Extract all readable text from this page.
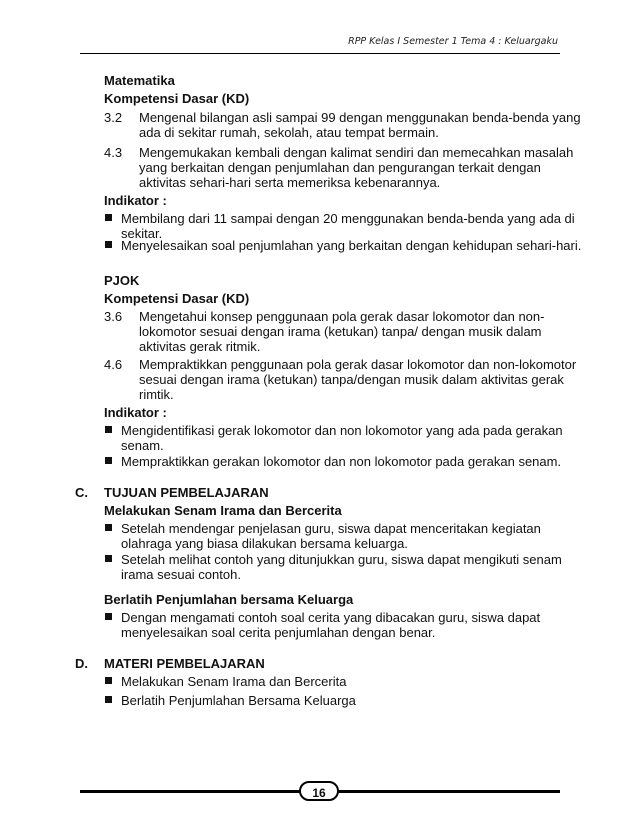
RPP Kelas I Semester 1 Tema 4 : Keluargaku
Matematika
Kompetensi Dasar (KD)
3.2 Mengenal bilangan asli sampai 99 dengan menggunakan benda-benda yang
ada di sekitar rumah, sekolah, atau tempat bermain.
4.3 Mengemukakan kembali dengan kalimat sendiri dan memecahkan masalah
yang berkaitan dengan penjumlahan dan pengurangan terkait dengan
aktivitas sehari-hari serta memeriksa kebenarannya.
Indikator :
Membilang dari 11 sampai dengan 20 menggunakan benda-benda yang ada di
sekitar.
Menyelesaikan soal penjumlahan yang berkaitan dengan kehidupan sehari-hari.
PJOK
Kompetensi Dasar (KD)
3.6 Mengetahui konsep penggunaan pola gerak dasar lokomotor dan non-
lokomotor sesuai dengan irama (ketukan) tanpa/ dengan musik dalam
aktivitas gerak ritmik.
4.6 Mempraktikkan penggunaan pola gerak dasar lokomotor dan non-lokomotor
sesuai dengan irama (ketukan) tanpa/dengan musik dalam aktivitas gerak
rimtik.
Indikator :
Mengidentifikasi gerak lokomotor dan non lokomotor yang ada pada gerakan
senam.
Mempraktikkan gerakan lokomotor dan non lokomotor pada gerakan senam.
C. TUJUAN PEMBELAJARAN
Melakukan Senam Irama dan Bercerita
Setelah mendengar penjelasan guru, siswa dapat menceritakan kegiatan
olahraga yang biasa dilakukan bersama keluarga.
Setelah melihat contoh yang ditunjukkan guru, siswa dapat mengikuti senam
irama sesuai contoh.
Berlatih Penjumlahan bersama Keluarga
Dengan mengamati contoh soal cerita yang dibacakan guru, siswa dapat
menyelesaikan soal cerita penjumlahan dengan benar.
D. MATERI PEMBELAJARAN
Melakukan Senam Irama dan Bercerita
Berlatih Penjumlahan Bersama Keluarga
16
